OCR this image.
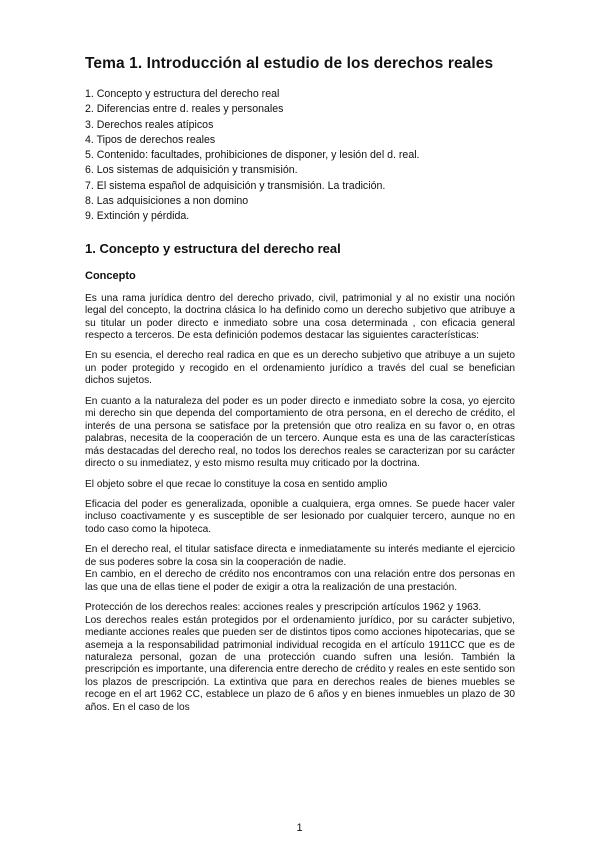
Tema 1. Introducción al estudio de los derechos reales
1. Concepto y estructura del derecho real
2. Diferencias entre d. reales y personales
3. Derechos reales atípicos
4. Tipos de derechos reales
5. Contenido: facultades, prohibiciones de disponer, y lesión del d. real.
6. Los sistemas de adquisición y transmisión.
7. El sistema español de adquisición y transmisión. La tradición.
8. Las adquisiciones a non domino
9. Extinción y pérdida.
1. Concepto y estructura del derecho real
Concepto

Es una rama jurídica dentro del derecho privado, civil, patrimonial y al no existir una noción legal del concepto, la doctrina clásica lo ha definido como un derecho subjetivo que atribuye a su titular un poder directo e inmediato sobre una cosa determinada , con eficacia general respecto a terceros. De esta definición podemos destacar las siguientes características:

En su esencia, el derecho real radica en que es un derecho subjetivo que atribuye a un sujeto un poder protegido y recogido en el ordenamiento jurídico a través del cual se benefician dichos sujetos.

En cuanto a la naturaleza del poder es un poder directo e inmediato sobre la cosa, yo ejercito mi derecho sin que dependa del comportamiento de otra persona, en el derecho de crédito, el interés de una persona se satisface por la pretensión que otro realiza en su favor o, en otras palabras, necesita de la cooperación de un tercero. Aunque esta es una de las características más destacadas del derecho real, no todos los derechos reales se caracterizan por su carácter directo o su inmediatez, y esto mismo resulta muy criticado por la doctrina.

El objeto sobre el que recae lo constituye la cosa en sentido amplio

Eficacia del poder es generalizada, oponible a cualquiera, erga omnes. Se puede hacer valer incluso coactivamente y es susceptible de ser lesionado por cualquier tercero, aunque no en todo caso como la hipoteca.

En el derecho real, el titular satisface directa e inmediatamente su interés mediante el ejercicio de sus poderes sobre la cosa sin la cooperación de nadie.

En cambio, en el derecho de crédito nos encontramos con una relación entre dos personas en las que una de ellas tiene el poder de exigir a otra la realización de una prestación.

Protección de los derechos reales: acciones reales y prescripción artículos 1962 y 1963.

Los derechos reales están protegidos por el ordenamiento jurídico, por su carácter subjetivo, mediante acciones reales que pueden ser de distintos tipos como acciones hipotecarias, que se asemeja a la responsabilidad patrimonial individual recogida en el artículo 1911CC que es de naturaleza personal, gozan de una protección cuando sufren una lesión. También la prescripción es importante, una diferencia entre derecho de crédito y reales en este sentido son los plazos de prescripción. La extintiva que para en derechos reales de bienes muebles se recoge en el art 1962 CC, establece un plazo de 6 años y en bienes inmuebles un plazo de 30 años. En el caso de los

1
